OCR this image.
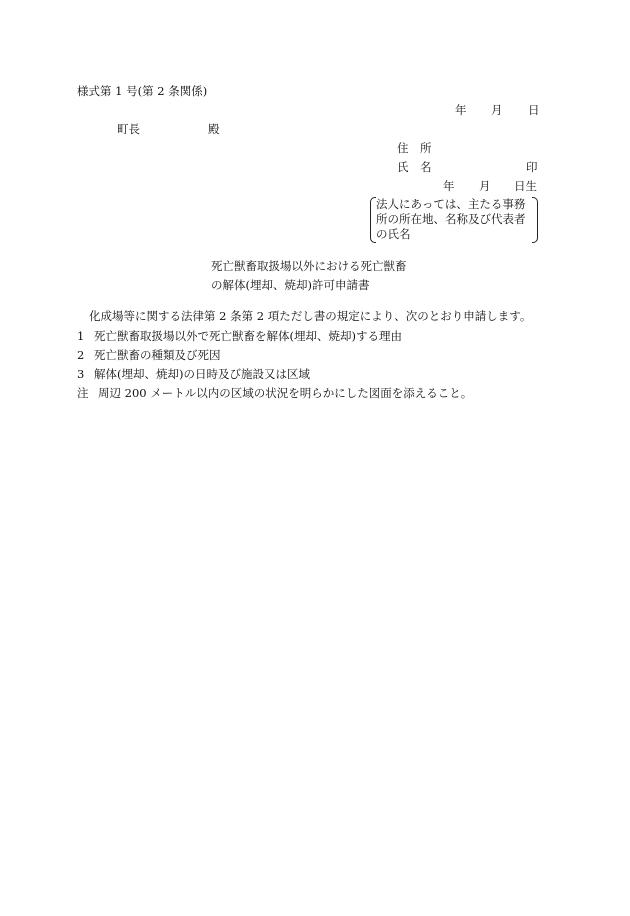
様式第 1 号(第 2 条関係)
年 月 日
町長	殿
住　所
氏　名	印
年 月 日生
法人にあっては、主たる事務
所の所在地、名称及び代表者
の氏名
死亡獣畜取扱場以外における死亡獣畜
の解体(埋却、焼却)許可申請書
化成場等に関する法律第 2 条第 2 項ただし書の規定により、次のとおり申請します。
1 死亡獣畜取扱場以外で死亡獣畜を解体(埋却、焼却)する理由
2 死亡獣畜の種類及び死因
3 解体(埋却、焼却)の日時及び施設又は区域
注 周辺 200 メートル以内の区域の状況を明らかにした図面を添えること。
